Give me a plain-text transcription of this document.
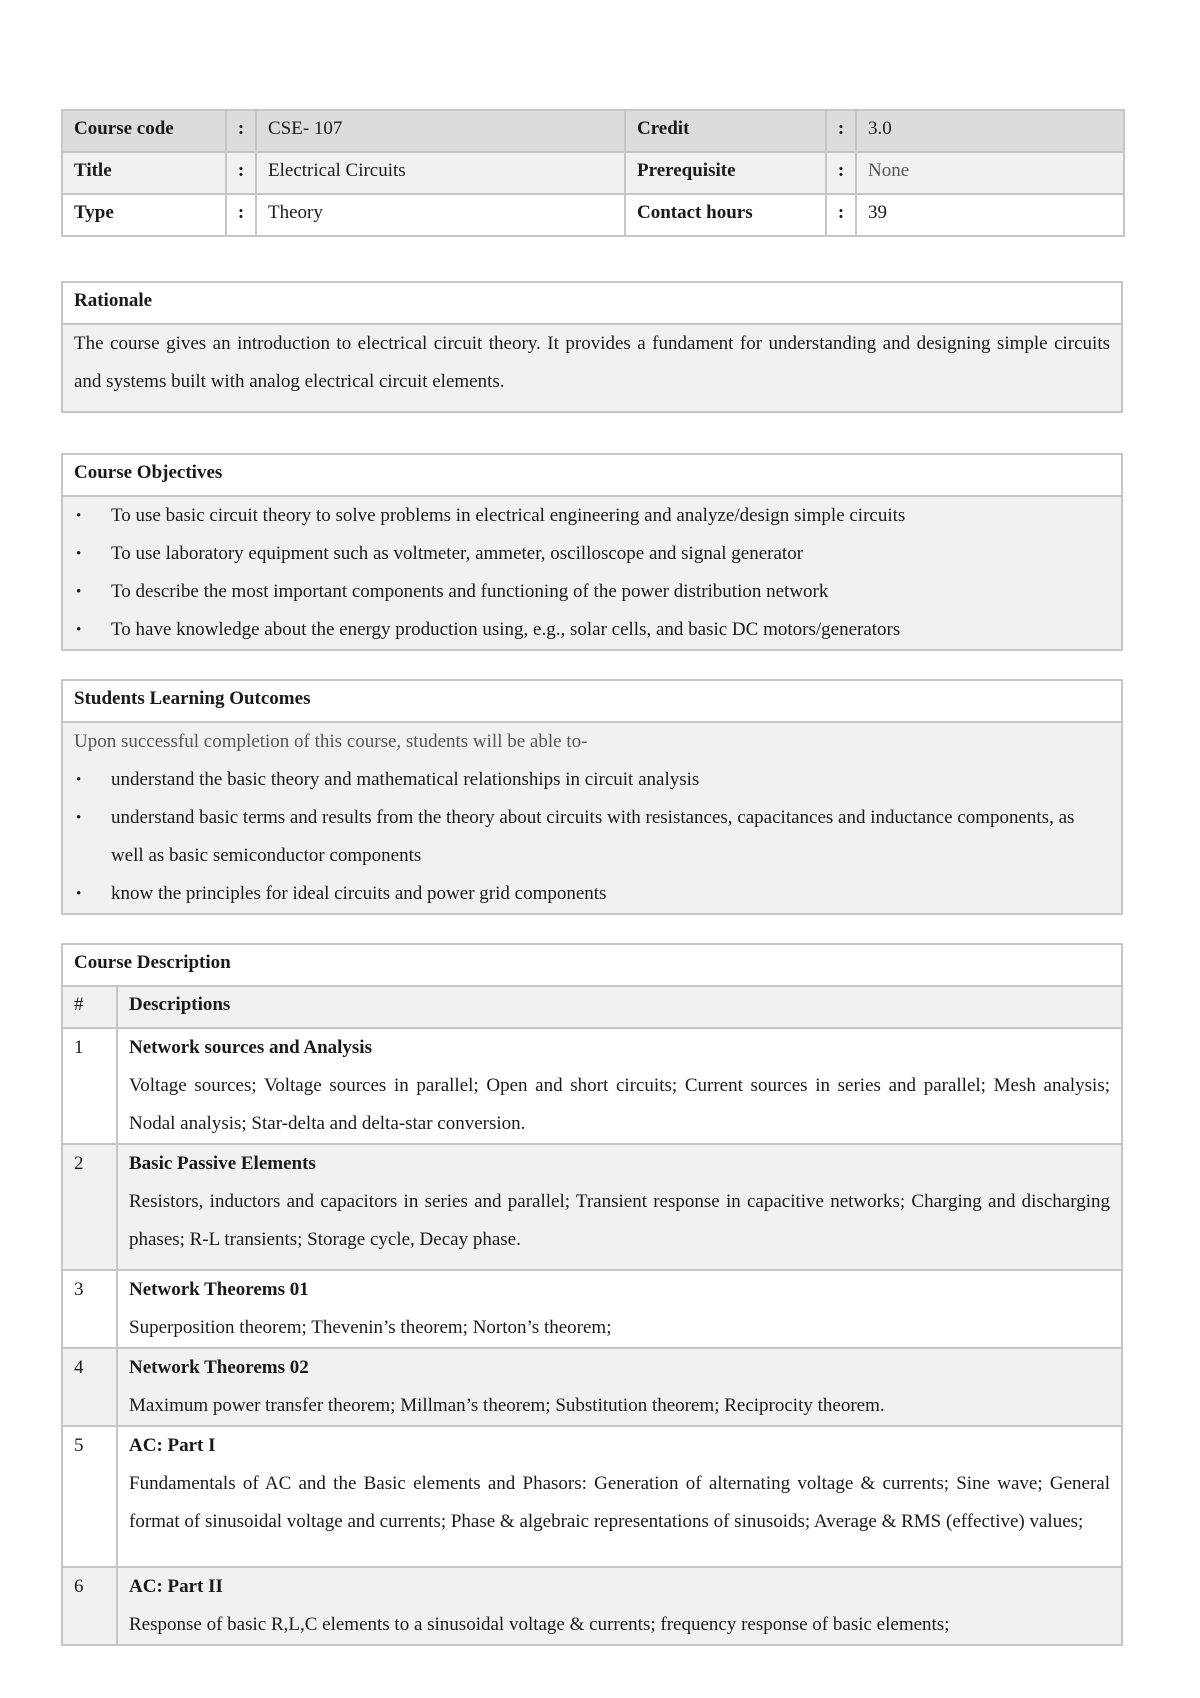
Course code	:	CSE- 107	Credit	:	3.0
Title	:	Electrical Circuits	Prerequisite	:	None
Type	:	Theory	Contact hours	:	39
Rationale
The course gives an introduction to electrical circuit theory. It provides a fundament for understanding and designing simple circuits and systems built with analog electrical circuit elements.
Course Objectives

• To use basic circuit theory to solve problems in electrical engineering and analyze/design simple circuits
• To use laboratory equipment such as voltmeter, ammeter, oscilloscope and signal generator
• To describe the most important components and functioning of the power distribution network
• To have knowledge about the energy production using, e.g., solar cells, and basic DC motors/generators
Students Learning Outcomes

Upon successful completion of this course, students will be able to-
• understand the basic theory and mathematical relationships in circuit analysis
• understand basic terms and results from the theory about circuits with resistances, capacitances and inductance components, as well as basic semiconductor components
• know the principles for ideal circuits and power grid components
Course Description	
#	Descriptions
1	Network sources and Analysis
Voltage sources; Voltage sources in parallel; Open and short circuits; Current sources in series and parallel; Mesh analysis; Nodal analysis; Star-delta and delta-star conversion.

2	Basic Passive Elements
Resistors, inductors and capacitors in series and parallel; Transient response in capacitive networks; Charging and discharging phases; R-L transients; Storage cycle, Decay phase.

3	Network Theorems 01
Superposition theorem; Thevenin’s theorem; Norton’s theorem;

4	Network Theorems 02
Maximum power transfer theorem; Millman’s theorem; Substitution theorem; Reciprocity theorem.

5	AC: Part I
Fundamentals of AC and the Basic elements and Phasors: Generation of alternating voltage & currents; Sine wave; General format of sinusoidal voltage and currents; Phase & algebraic representations of sinusoids; Average & RMS (effective) values;

6	AC: Part II
Response of basic R,L,C elements to a sinusoidal voltage & currents; frequency response of basic elements;
